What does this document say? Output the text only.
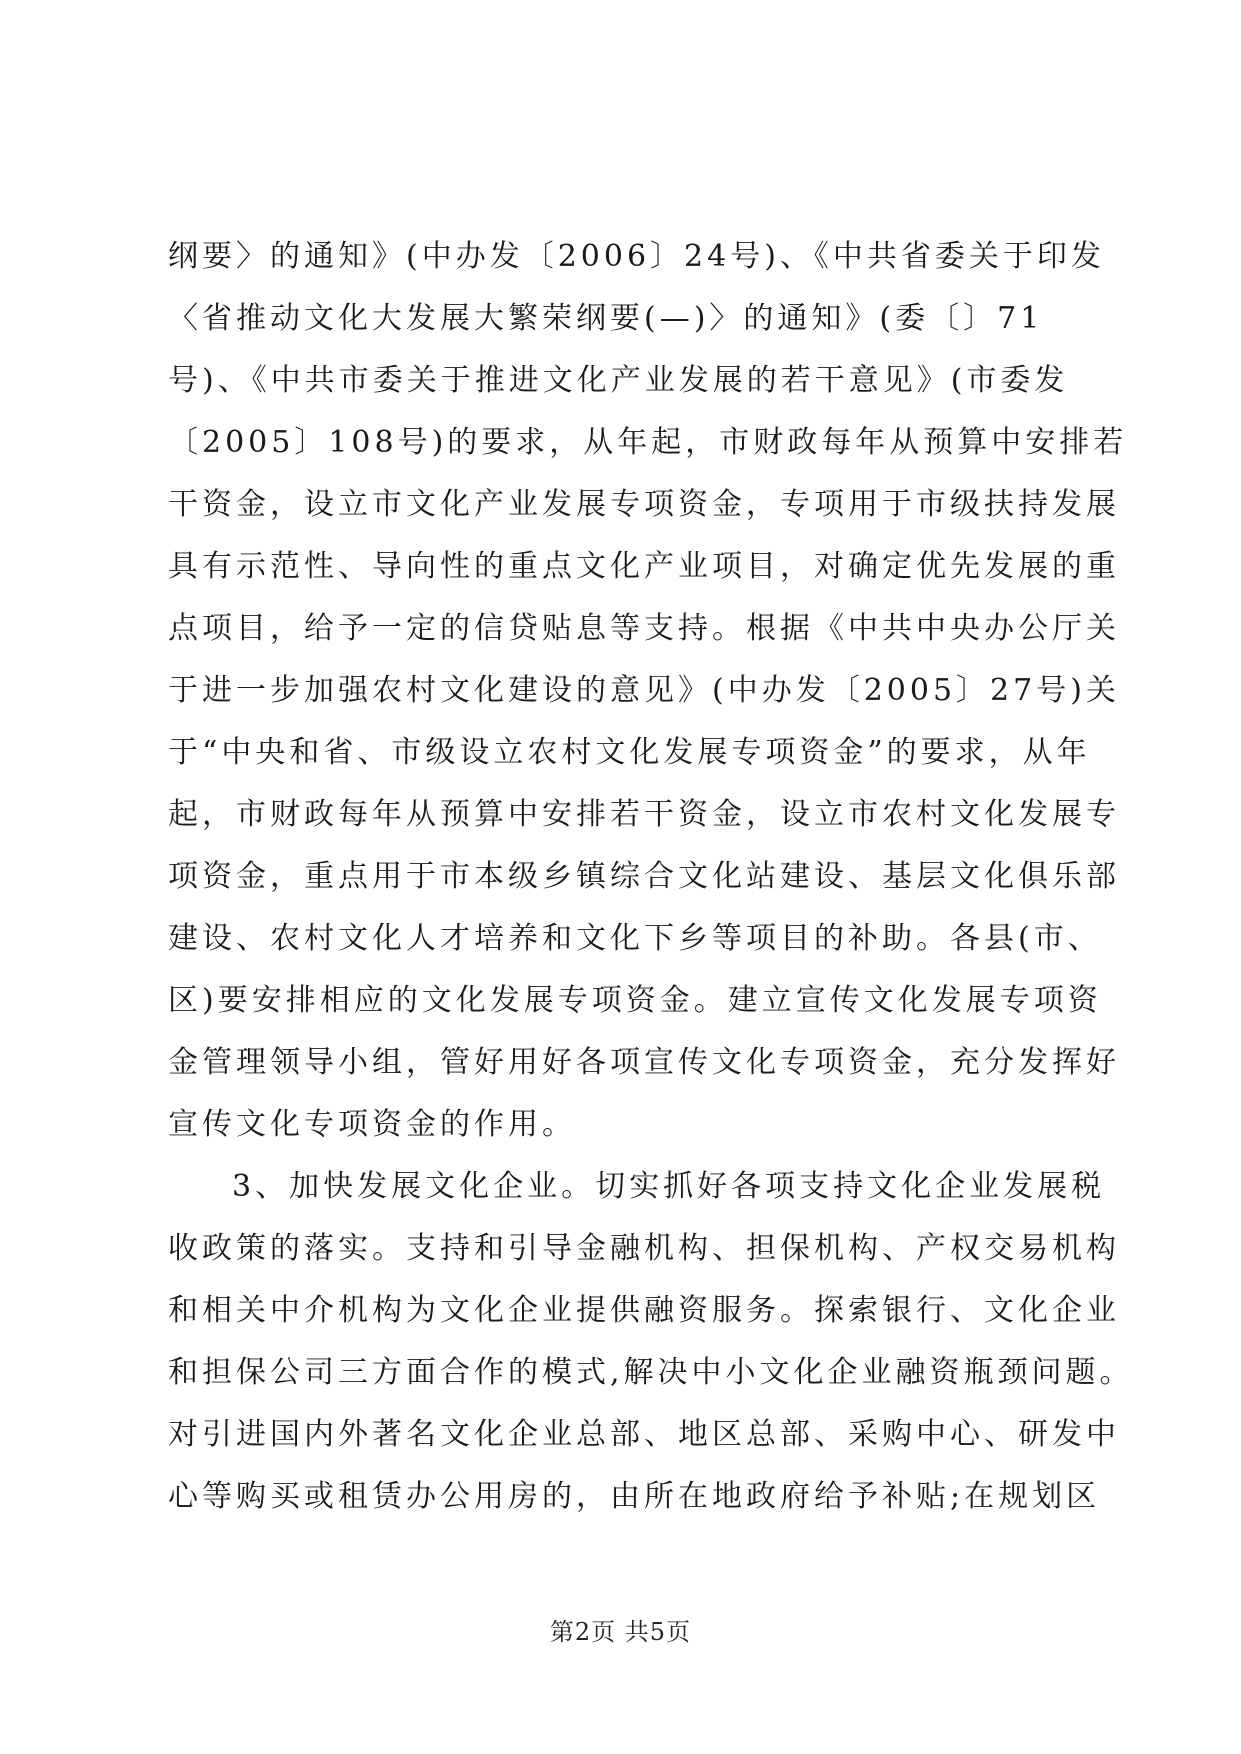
纲要〉的通知》(中办发〔2006〕24号)、《中共省委关于印发
〈省推动文化大发展大繁荣纲要(—)〉的通知》(委〔〕71
号)、《中共市委关于推进文化产业发展的若干意见》(市委发
〔2005〕108号)的要求，从年起，市财政每年从预算中安排若
干资金，设立市文化产业发展专项资金，专项用于市级扶持发展
具有示范性、导向性的重点文化产业项目，对确定优先发展的重
点项目，给予一定的信贷贴息等支持。根据《中共中央办公厅关
于进一步加强农村文化建设的意见》(中办发〔2005〕27号)关
于“中央和省、市级设立农村文化发展专项资金”的要求，从年
起，市财政每年从预算中安排若干资金，设立市农村文化发展专
项资金，重点用于市本级乡镇综合文化站建设、基层文化俱乐部
建设、农村文化人才培养和文化下乡等项目的补助。各县(市、
区)要安排相应的文化发展专项资金。建立宣传文化发展专项资
金管理领导小组，管好用好各项宣传文化专项资金，充分发挥好
宣传文化专项资金的作用。
3、加快发展文化企业。切实抓好各项支持文化企业发展税
收政策的落实。支持和引导金融机构、担保机构、产权交易机构
和相关中介机构为文化企业提供融资服务。探索银行、文化企业
和担保公司三方面合作的模式,解决中小文化企业融资瓶颈问题。
对引进国内外著名文化企业总部、地区总部、采购中心、研发中
心等购买或租赁办公用房的，由所在地政府给予补贴;在规划区
第2页 共5页
